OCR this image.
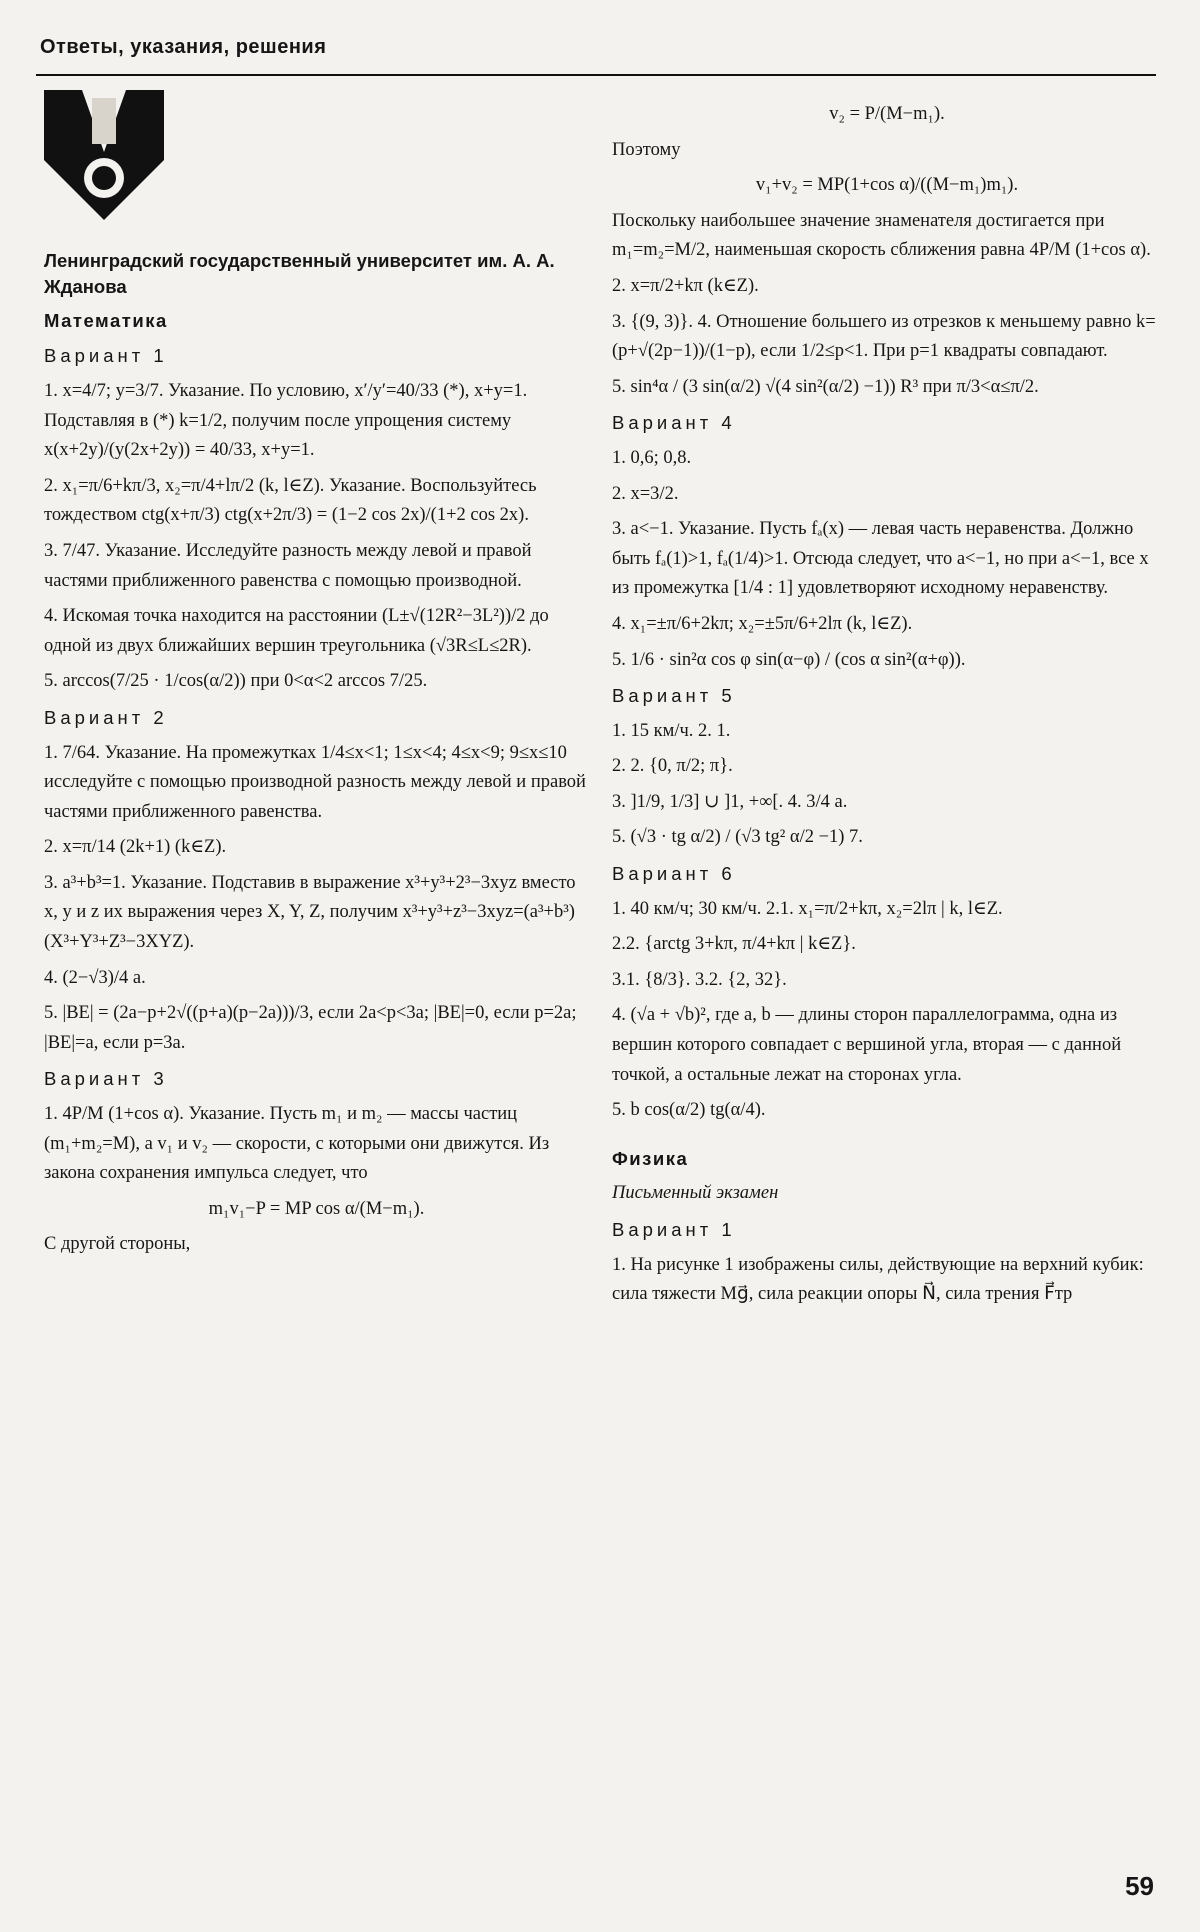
Ответы, указания, решения

Ленинградский государственный университет им. А. А. Жданова

Математика

Вариант 1

1. x=4/7; y=3/7. Указание. По условию, x′/y′=40/33 (*), x+y=1. Подставляя в (*) k=1/2, получим после упрощения систему x(x+2y)/(y(2x+2y)) = 40/33, x+y=1.

2. x₁=π/6+kπ/3, x₂=π/4+lπ/2 (k, l∈Z). Указание. Воспользуйтесь тождеством ctg(x+π/3) ctg(x+2π/3) = (1−2 cos 2x)/(1+2 cos 2x).

3. 7/47. Указание. Исследуйте разность между левой и правой частями приближенного равенства с помощью производной.

4. Искомая точка находится на расстоянии (L±√(12R²−3L²))/2 до одной из двух ближайших вершин треугольника (√3R≤L≤2R).

5. arccos(7/25 · 1/cos(α/2)) при 0<α<2 arccos 7/25.

Вариант 2

1. 7/64. Указание. На промежутках 1/4≤x<1; 1≤x<4; 4≤x<9; 9≤x≤10 исследуйте с помощью производной разность между левой и правой частями приближенного равенства.

2. x=π/14 (2k+1) (k∈Z).

3. a³+b³=1. Указание. Подставив в выражение x³+y³+2³−3xyz вместо x, y и z их выражения через X, Y, Z, получим x³+y³+z³−3xyz=(a³+b³)(X³+Y³+Z³−3XYZ).

4. (2−√3)/4 a.

5. |BE| = (2a−p+2√((p+a)(p−2a)))/3, если 2a<p<3a; |BE|=0, если p=2a; |BE|=a, если p=3a.

Вариант 3

1. 4P/M (1+cos α). Указание. Пусть m₁ и m₂ — массы частиц (m₁+m₂=M), а v₁ и v₂ — скорости, с которыми они движутся. Из закона сохранения импульса следует, что

m₁v₁−P = MP cos α/(M−m₁).

С другой стороны,

v₂ = P/(M−m₁).

Поэтому

v₁+v₂ = MP(1+cos α)/((M−m₁)m₁).

Поскольку наибольшее значение знаменателя достигается при m₁=m₂=M/2, наименьшая скорость сближения равна 4P/M (1+cos α).

2. x=π/2+kπ (k∈Z).

3. {(9, 3)}. 4. Отношение большего из отрезков к меньшему равно k=(p+√(2p−1))/(1−p), если 1/2≤p<1. При p=1 квадраты совпадают.

5. sin⁴α / (3 sin(α/2) √(4 sin²(α/2) −1)) R³ при π/3<α≤π/2.

Вариант 4

1. 0,6; 0,8.

2. x=3/2.

3. a<−1. Указание. Пусть fₐ(x) — левая часть неравенства. Должно быть fₐ(1)>1, fₐ(1/4)>1. Отсюда следует, что a<−1, но при a<−1, все x из промежутка [1/4 : 1] удовлетворяют исходному неравенству.

4. x₁=±π/6+2kπ; x₂=±5π/6+2lπ (k, l∈Z).

5. 1/6 · sin²α cos φ sin(α−φ) / (cos α sin²(α+φ)).

Вариант 5

1. 15 км/ч. 2. 1.

2. 2. {0, π/2; π}.

3. ]1/9, 1/3] ∪ ]1, +∞[. 4. 3/4 a.

5. (√3 · tg α/2) / (√3 tg² α/2 −1) 7.

Вариант 6

1. 40 км/ч; 30 км/ч. 2.1. x₁=π/2+kπ, x₂=2lπ | k, l∈Z.

2.2. {arctg 3+kπ, π/4+kπ | k∈Z}.

3.1. {8/3}. 3.2. {2, 32}.

4. (√a + √b)², где a, b — длины сторон параллелограмма, одна из вершин которого совпадает с вершиной угла, вторая — с данной точкой, а остальные лежат на сторонах угла.

5. b cos(α/2) tg(α/4).

Физика

Письменный экзамен

Вариант 1

1. На рисунке 1 изображены силы, действующие на верхний кубик: сила тяжести Mg⃗, сила реакции опоры N⃗, сила трения F⃗тр

59
